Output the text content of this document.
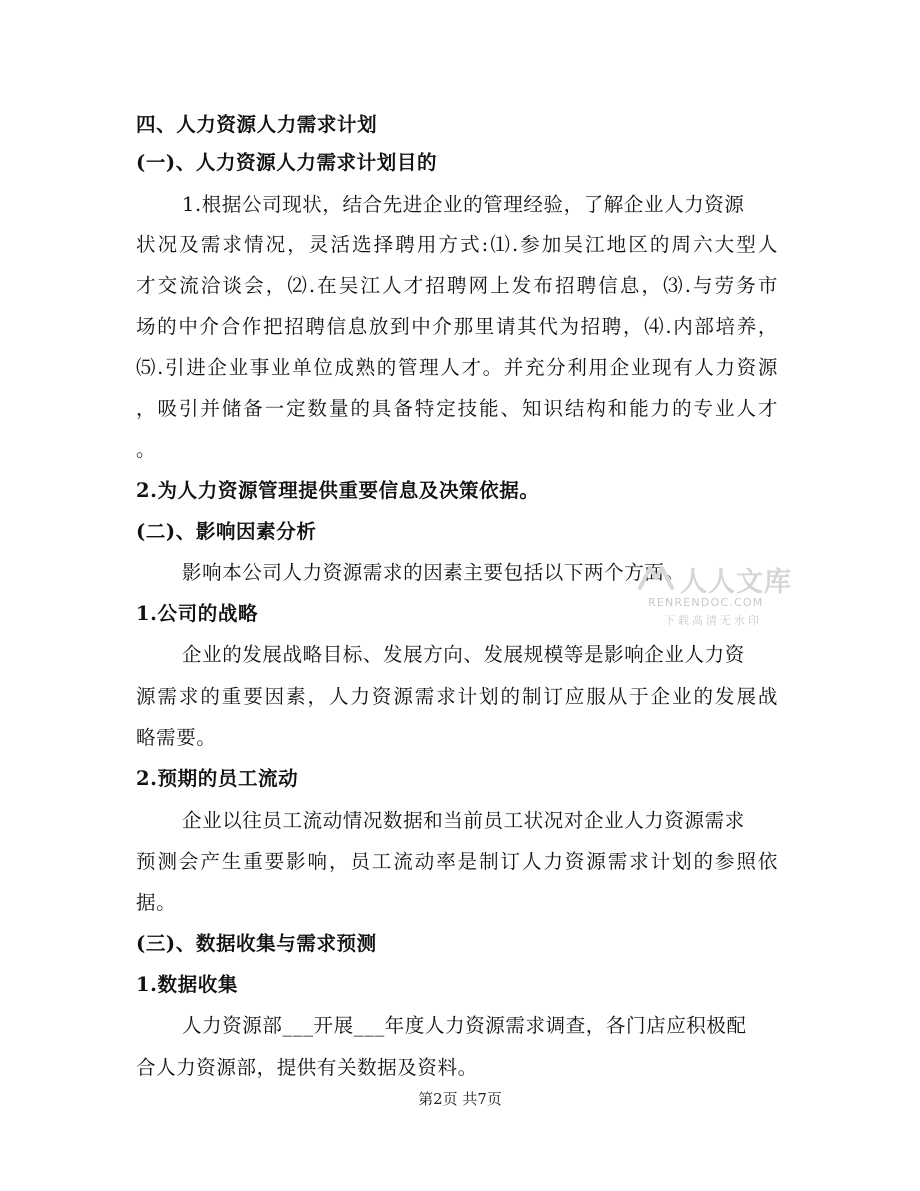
四、人力资源人力需求计划
(一)、人力资源人力需求计划目的
1.根据公司现状，结合先进企业的管理经验，了解企业人力资源
状况及需求情况，灵活选择聘用方式:⑴.参加吴江地区的周六大型人
才交流洽谈会，⑵.在吴江人才招聘网上发布招聘信息，⑶.与劳务市
场的中介合作把招聘信息放到中介那里请其代为招聘，⑷.内部培养，
⑸.引进企业事业单位成熟的管理人才。并充分利用企业现有人力资源
，吸引并储备一定数量的具备特定技能、知识结构和能力的专业人才
。
2.为人力资源管理提供重要信息及决策依据。
(二)、影响因素分析
影响本公司人力资源需求的因素主要包括以下两个方面。
1.公司的战略
企业的发展战略目标、发展方向、发展规模等是影响企业人力资
源需求的重要因素，人力资源需求计划的制订应服从于企业的发展战
略需要。
2.预期的员工流动
企业以往员工流动情况数据和当前员工状况对企业人力资源需求
预测会产生重要影响，员工流动率是制订人力资源需求计划的参照依
据。
(三)、数据收集与需求预测
1.数据收集
人力资源部___开展___年度人力资源需求调查，各门店应积极配
合人力资源部，提供有关数据及资料。
人人文库
RENRENDOC.COM
下载高清无水印
第2页 共7页
